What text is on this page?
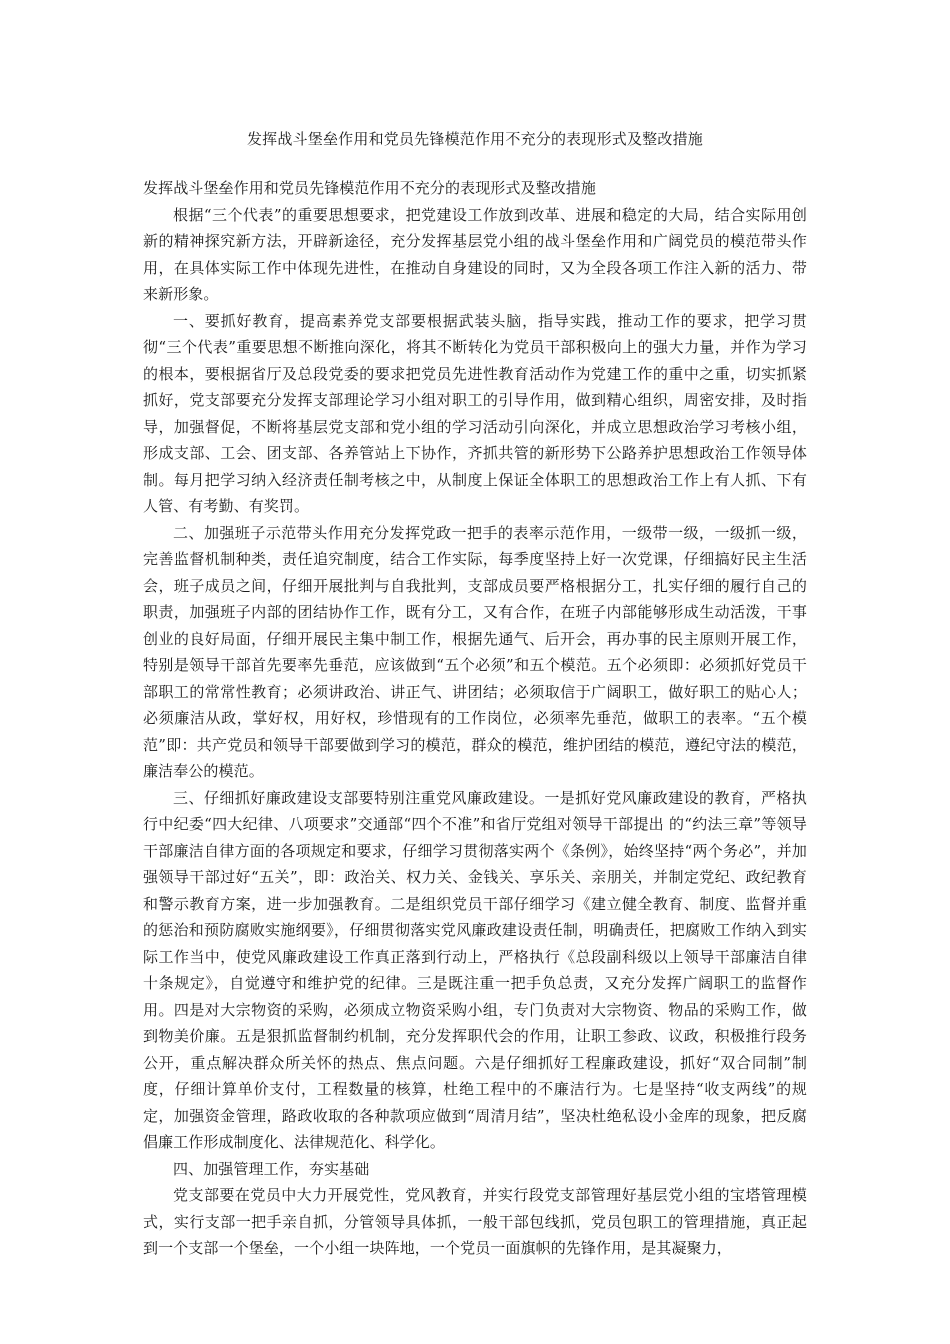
发挥战斗堡垒作用和党员先锋模范作用不充分的表现形式及整改措施

发挥战斗堡垒作用和党员先锋模范作用不充分的表现形式及整改措施

根据“三个代表”的重要思想要求，把党建设工作放到改革、进展和稳定的大局，结合实际用创新的精神探究新方法，开辟新途径，充分发挥基层党小组的战斗堡垒作用和广阔党员的模范带头作用，在具体实际工作中体现先进性，在推动自身建设的同时，又为全段各项工作注入新的活力、带来新形象。

一、要抓好教育，提高素养党支部要根据武装头脑，指导实践，推动工作的要求，把学习贯彻“三个代表”重要思想不断推向深化，将其不断转化为党员干部积极向上的强大力量，并作为学习的根本，要根据省厅及总段党委的要求把党员先进性教育活动作为党建工作的重中之重，切实抓紧抓好，党支部要充分发挥支部理论学习小组对职工的引导作用，做到精心组织，周密安排，及时指导，加强督促，不断将基层党支部和党小组的学习活动引向深化，并成立思想政治学习考核小组，形成支部、工会、团支部、各养管站上下协作，齐抓共管的新形势下公路养护思想政治工作领导体制。每月把学习纳入经济责任制考核之中，从制度上保证全体职工的思想政治工作上有人抓、下有人管、有考勤、有奖罚。

二、加强班子示范带头作用充分发挥党政一把手的表率示范作用，一级带一级，一级抓一级，完善监督机制种类，责任追究制度，结合工作实际，每季度坚持上好一次党课，仔细搞好民主生活会，班子成员之间，仔细开展批判与自我批判，支部成员要严格根据分工，扎实仔细的履行自己的职责，加强班子内部的团结协作工作，既有分工，又有合作，在班子内部能够形成生动活泼，干事创业的良好局面，仔细开展民主集中制工作，根据先通气、后开会，再办事的民主原则开展工作，特别是领导干部首先要率先垂范，应该做到“五个必须”和五个模范。五个必须即：必须抓好党员干部职工的常常性教育；必须讲政治、讲正气、讲团结；必须取信于广阔职工，做好职工的贴心人；必须廉洁从政，掌好权，用好权，珍惜现有的工作岗位，必须率先垂范，做职工的表率。“五个模范”即：共产党员和领导干部要做到学习的模范，群众的模范，维护团结的模范，遵纪守法的模范，廉洁奉公的模范。

三、仔细抓好廉政建设支部要特别注重党风廉政建设。一是抓好党风廉政建设的教育，严格执行中纪委“四大纪律、八项要求”交通部“四个不准”和省厅党组对领导干部提出 的“约法三章”等领导干部廉洁自律方面的各项规定和要求，仔细学习贯彻落实两个《条例》，始终坚持“两个务必”，并加强领导干部过好“五关”，即：政治关、权力关、金钱关、享乐关、亲朋关，并制定党纪、政纪教育和警示教育方案，进一步加强教育。二是组织党员干部仔细学习《建立健全教育、制度、监督并重的惩治和预防腐败实施纲要》，仔细贯彻落实党风廉政建设责任制，明确责任，把腐败工作纳入到实际工作当中，使党风廉政建设工作真正落到行动上，严格执行《总段副科级以上领导干部廉洁自律十条规定》，自觉遵守和维护党的纪律。三是既注重一把手负总责，又充分发挥广阔职工的监督作用。四是对大宗物资的采购，必须成立物资采购小组，专门负责对大宗物资、物品的采购工作，做到物美价廉。五是狠抓监督制约机制，充分发挥职代会的作用，让职工参政、议政，积极推行段务公开，重点解决群众所关怀的热点、焦点问题。六是仔细抓好工程廉政建设，抓好“双合同制”制度，仔细计算单价支付，工程数量的核算，杜绝工程中的不廉洁行为。七是坚持“收支两线”的规定，加强资金管理，路政收取的各种款项应做到“周清月结”，坚决杜绝私设小金库的现象，把反腐倡廉工作形成制度化、法律规范化、科学化。

四、加强管理工作，夯实基础

党支部要在党员中大力开展党性，党风教育，并实行段党支部管理好基层党小组的宝塔管理模式，实行支部一把手亲自抓，分管领导具体抓，一般干部包线抓，党员包职工的管理措施，真正起到一个支部一个堡垒，一个小组一块阵地，一个党员一面旗帜的先锋作用，是其凝聚力，
